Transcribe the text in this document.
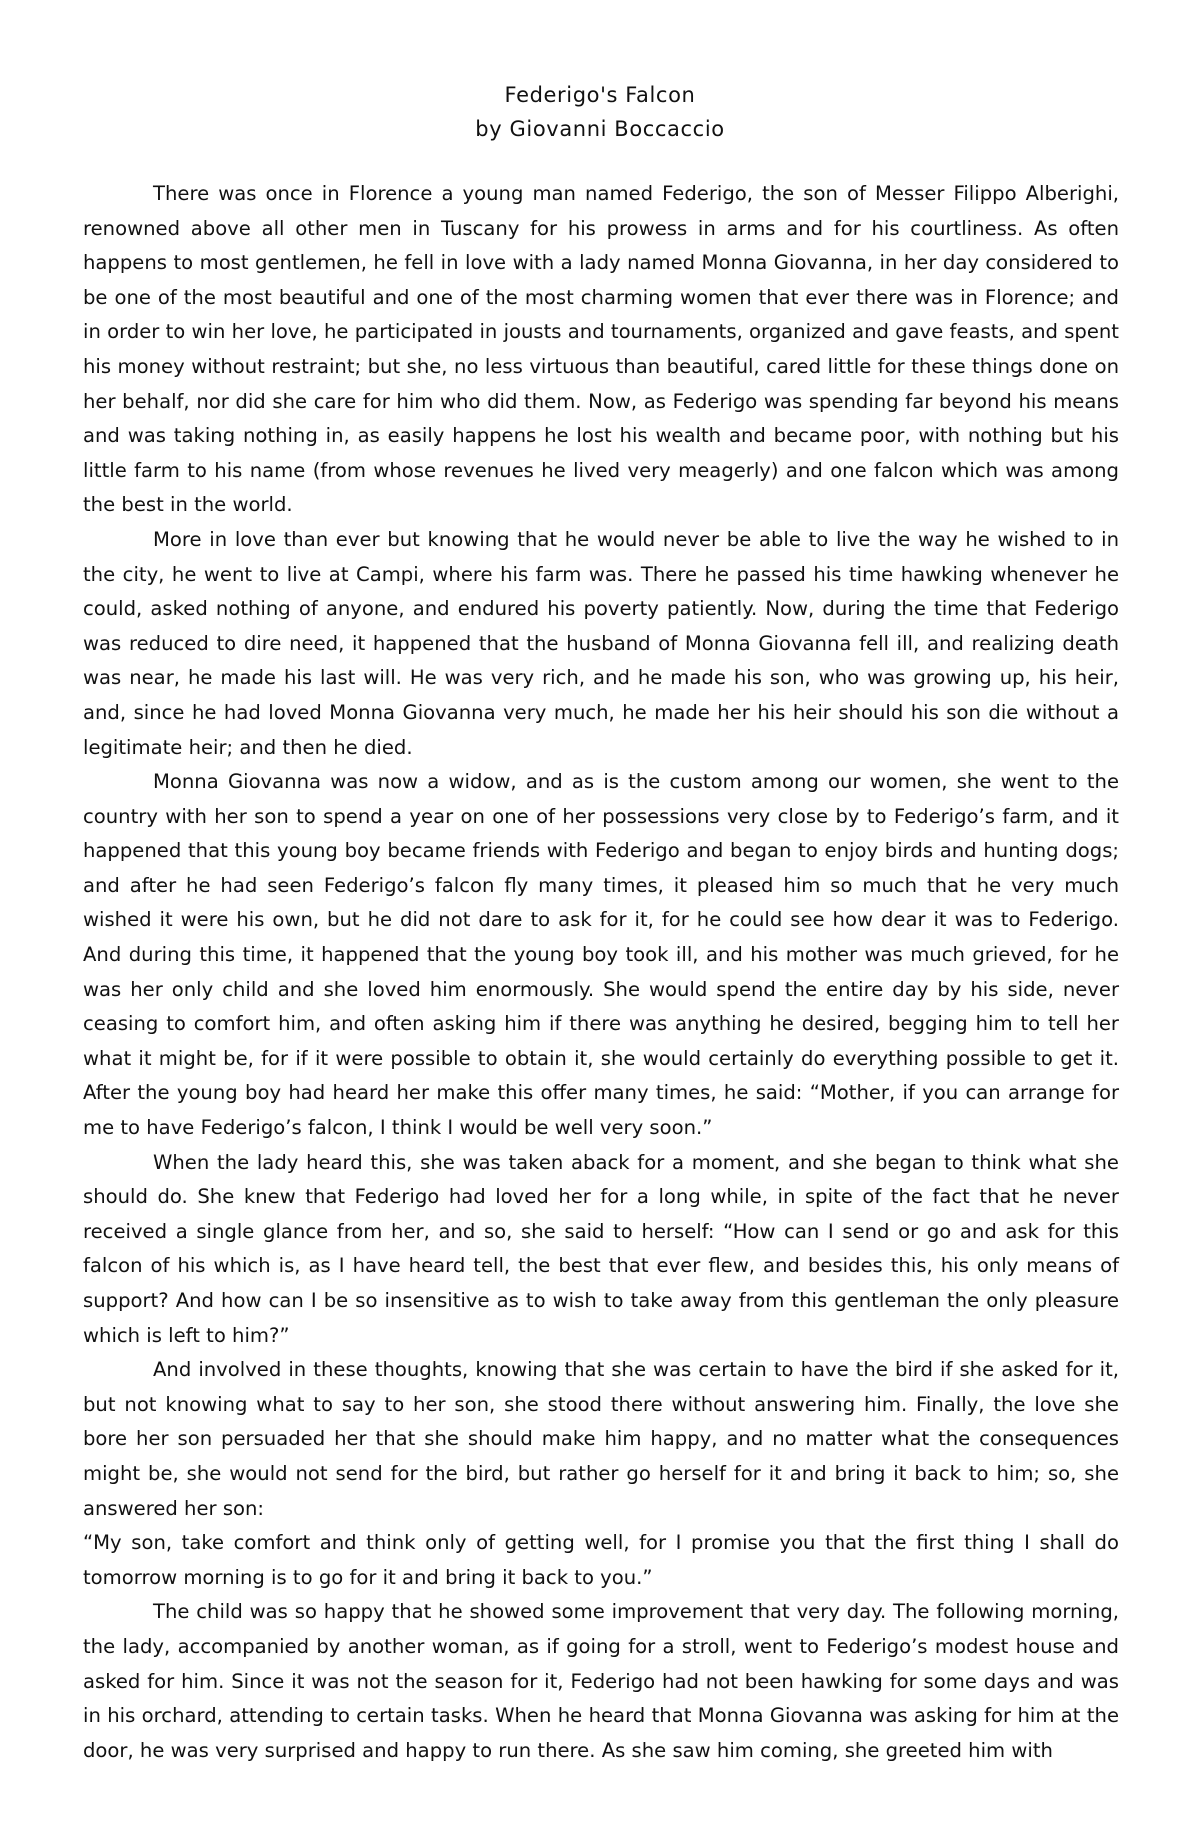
Federigo's Falcon
by Giovanni Boccaccio

There was once in Florence a young man named Federigo, the son of Messer Filippo Alberighi, renowned above all other men in Tuscany for his prowess in arms and for his courtliness. As often happens to most gentlemen, he fell in love with a lady named Monna Giovanna, in her day considered to be one of the most beautiful and one of the most charming women that ever there was in Florence; and in order to win her love, he participated in jousts and tournaments, organized and gave feasts, and spent his money without restraint; but she, no less virtuous than beautiful, cared little for these things done on her behalf, nor did she care for him who did them. Now, as Federigo was spending far beyond his means and was taking nothing in, as easily happens he lost his wealth and became poor, with nothing but his little farm to his name (from whose revenues he lived very meagerly) and one falcon which was among the best in the world.

More in love than ever but knowing that he would never be able to live the way he wished to in the city, he went to live at Campi, where his farm was. There he passed his time hawking whenever he could, asked nothing of anyone, and endured his poverty patiently. Now, during the time that Federigo was reduced to dire need, it happened that the husband of Monna Giovanna fell ill, and realizing death was near, he made his last will. He was very rich, and he made his son, who was growing up, his heir, and, since he had loved Monna Giovanna very much, he made her his heir should his son die without a legitimate heir; and then he died.

Monna Giovanna was now a widow, and as is the custom among our women, she went to the country with her son to spend a year on one of her possessions very close by to Federigo’s farm, and it happened that this young boy became friends with Federigo and began to enjoy birds and hunting dogs; and after he had seen Federigo’s falcon fly many times, it pleased him so much that he very much wished it were his own, but he did not dare to ask for it, for he could see how dear it was to Federigo. And during this time, it happened that the young boy took ill, and his mother was much grieved, for he was her only child and she loved him enormously. She would spend the entire day by his side, never ceasing to comfort him, and often asking him if there was anything he desired, begging him to tell her what it might be, for if it were possible to obtain it, she would certainly do everything possible to get it. After the young boy had heard her make this offer many times, he said: “Mother, if you can arrange for me to have Federigo’s falcon, I think I would be well very soon.”

When the lady heard this, she was taken aback for a moment, and she began to think what she should do. She knew that Federigo had loved her for a long while, in spite of the fact that he never received a single glance from her, and so, she said to herself: “How can I send or go and ask for this falcon of his which is, as I have heard tell, the best that ever flew, and besides this, his only means of support? And how can I be so insensitive as to wish to take away from this gentleman the only pleasure which is left to him?”

And involved in these thoughts, knowing that she was certain to have the bird if she asked for it, but not knowing what to say to her son, she stood there without answering him. Finally, the love she bore her son persuaded her that she should make him happy, and no matter what the consequences might be, she would not send for the bird, but rather go herself for it and bring it back to him; so, she answered her son:

“My son, take comfort and think only of getting well, for I promise you that the first thing I shall do tomorrow morning is to go for it and bring it back to you.”

The child was so happy that he showed some improvement that very day. The following morning, the lady, accompanied by another woman, as if going for a stroll, went to Federigo’s modest house and asked for him. Since it was not the season for it, Federigo had not been hawking for some days and was in his orchard, attending to certain tasks. When he heard that Monna Giovanna was asking for him at the door, he was very surprised and happy to run there. As she saw him coming, she greeted him with
